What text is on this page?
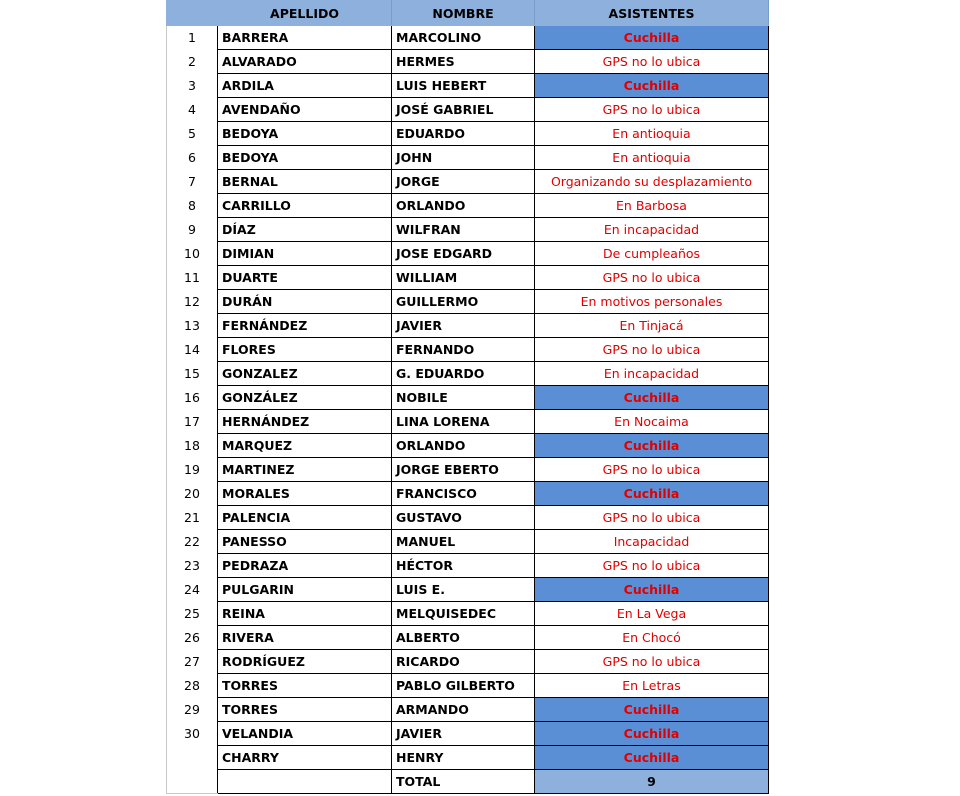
	APELLIDO	NOMBRE	ASISTENTES
1	BARRERA	MARCOLINO	Cuchilla
2	ALVARADO	HERMES	GPS no lo ubica
3	ARDILA	LUIS HEBERT	Cuchilla
4	AVENDAÑO	JOSÉ GABRIEL	GPS no lo ubica
5	BEDOYA	EDUARDO	En antioquia
6	BEDOYA	JOHN	En antioquia
7	BERNAL	JORGE	Organizando su desplazamiento
8	CARRILLO	ORLANDO	En Barbosa
9	DÍAZ	WILFRAN	En incapacidad
10	DIMIAN	JOSE EDGARD	De cumpleaños
11	DUARTE	WILLIAM	GPS no lo ubica
12	DURÁN	GUILLERMO	En motivos personales
13	FERNÁNDEZ	JAVIER	En Tinjacá
14	FLORES	FERNANDO	GPS no lo ubica
15	GONZALEZ	G. EDUARDO	En incapacidad
16	GONZÁLEZ	NOBILE	Cuchilla
17	HERNÁNDEZ	LINA LORENA	En Nocaima
18	MARQUEZ	ORLANDO	Cuchilla
19	MARTINEZ	JORGE EBERTO	GPS no lo ubica
20	MORALES	FRANCISCO	Cuchilla
21	PALENCIA	GUSTAVO	GPS no lo ubica
22	PANESSO	MANUEL	Incapacidad
23	PEDRAZA	HÉCTOR	GPS no lo ubica
24	PULGARIN	LUIS E.	Cuchilla
25	REINA	MELQUISEDEC	En La Vega
26	RIVERA	ALBERTO	En Chocó
27	RODRÍGUEZ	RICARDO	GPS no lo ubica
28	TORRES	PABLO GILBERTO	En Letras
29	TORRES	ARMANDO	Cuchilla
30	VELANDIA	JAVIER	Cuchilla
	CHARRY	HENRY	Cuchilla
		TOTAL	9
